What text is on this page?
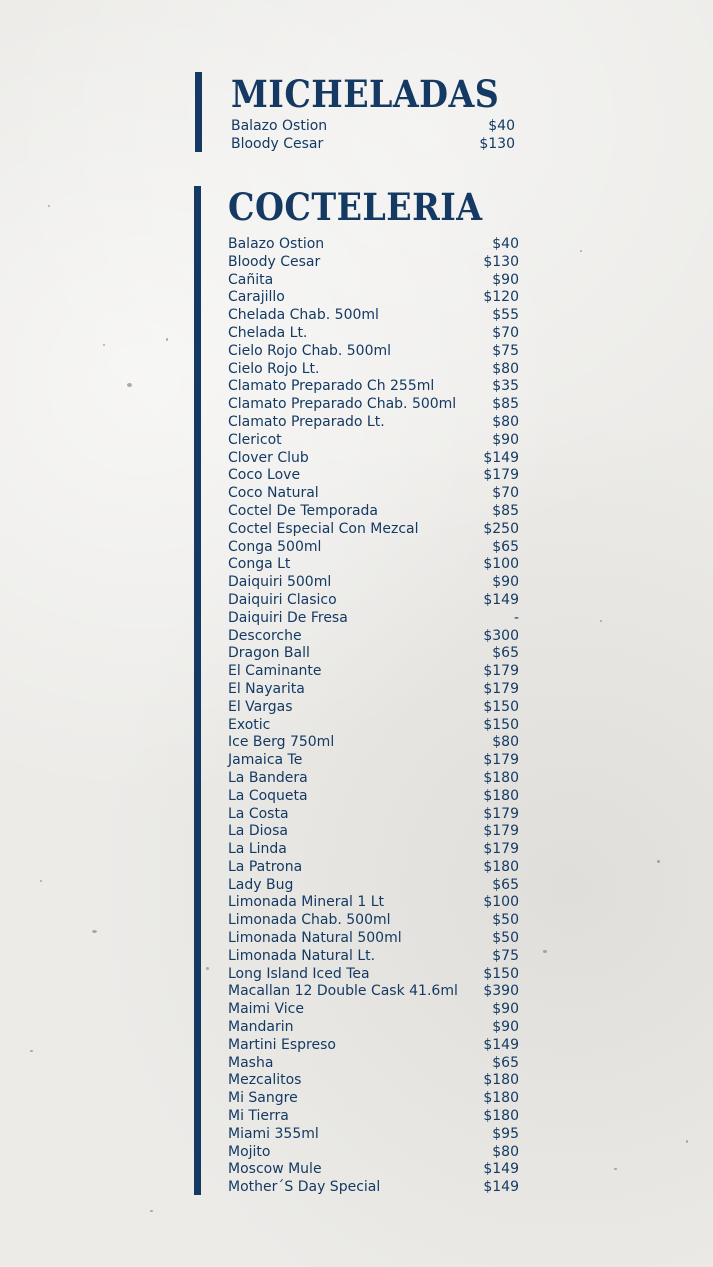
MICHELADAS
Balazo Ostion	$40
Bloody Cesar	$130
COCTELERIA
Balazo Ostion	$40
Bloody Cesar	$130
Cañita	$90
Carajillo	$120
Chelada Chab. 500ml	$55
Chelada Lt.	$70
Cielo Rojo Chab. 500ml	$75
Cielo Rojo Lt.	$80
Clamato Preparado Ch 255ml	$35
Clamato Preparado Chab. 500ml	$85
Clamato Preparado Lt.	$80
Clericot	$90
Clover Club	$149
Coco Love	$179
Coco Natural	$70
Coctel De Temporada	$85
Coctel Especial Con Mezcal	$250
Conga 500ml	$65
Conga Lt	$100
Daiquiri 500ml	$90
Daiquiri Clasico	$149
Daiquiri De Fresa	-
Descorche	$300
Dragon Ball	$65
El Caminante	$179
El Nayarita	$179
El Vargas	$150
Exotic	$150
Ice Berg 750ml	$80
Jamaica Te	$179
La Bandera	$180
La Coqueta	$180
La Costa	$179
La Diosa	$179
La Linda	$179
La Patrona	$180
Lady Bug	$65
Limonada Mineral 1 Lt	$100
Limonada Chab. 500ml	$50
Limonada Natural 500ml	$50
Limonada Natural Lt.	$75
Long Island Iced Tea	$150
Macallan 12 Double Cask 41.6ml $390
Maimi Vice	$90
Mandarin	$90
Martini Espreso	$149
Masha	$65
Mezcalitos	$180
Mi Sangre	$180
Mi Tierra	$180
Miami 355ml	$95
Mojito	$80
Moscow Mule	$149
Mother´S Day Special	$149
